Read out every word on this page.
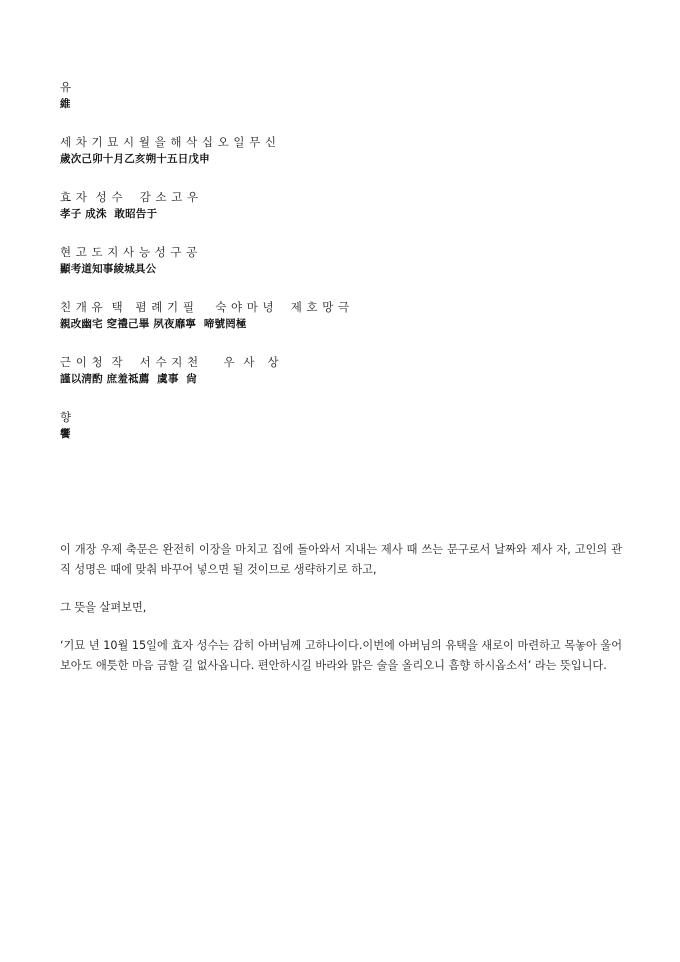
유
維
세 차 기 묘 시 월 을 해 삭 십 오 일 무 신
歲次己卯十月乙亥朔十五日戊申
효 자  성 수    감 소 고 우
孝子 成洙  敢昭告于
현 고 도 지 사 능 성 구 공
顯考道知事綾城具公
친 개 유  택   폄 례 기 필     숙 야 마 녕    제 호 망 극
親改幽宅 窆禮己畢 夙夜靡寧  啼號罔極
근 이 청  작    서 수 지 천      우  사   상
謹以淸酌 庶羞祗薦  虞事  尙
향
饗

이 개장 우제 축문은 완전히 이장을 마치고 집에 돌아와서 지내는 제사 때 쓰는 문구로서 날짜와 제사 자, 고인의 관직 성명은 때에 맞춰 바꾸어 넣으면 될 것이므로 생략하기로 하고,

그 뜻을 살펴보면,

‘기묘 년 10월 15일에 효자 성수는 감히 아버님께 고하나이다.이번에 아버님의 유택을 새로이 마련하고 목놓아 울어보아도 애틋한 마음 금할 길 없사옵니다. 편안하시길 바라와 맑은 술을 올리오니 흠향 하시옵소서’ 라는 뜻입니다.
